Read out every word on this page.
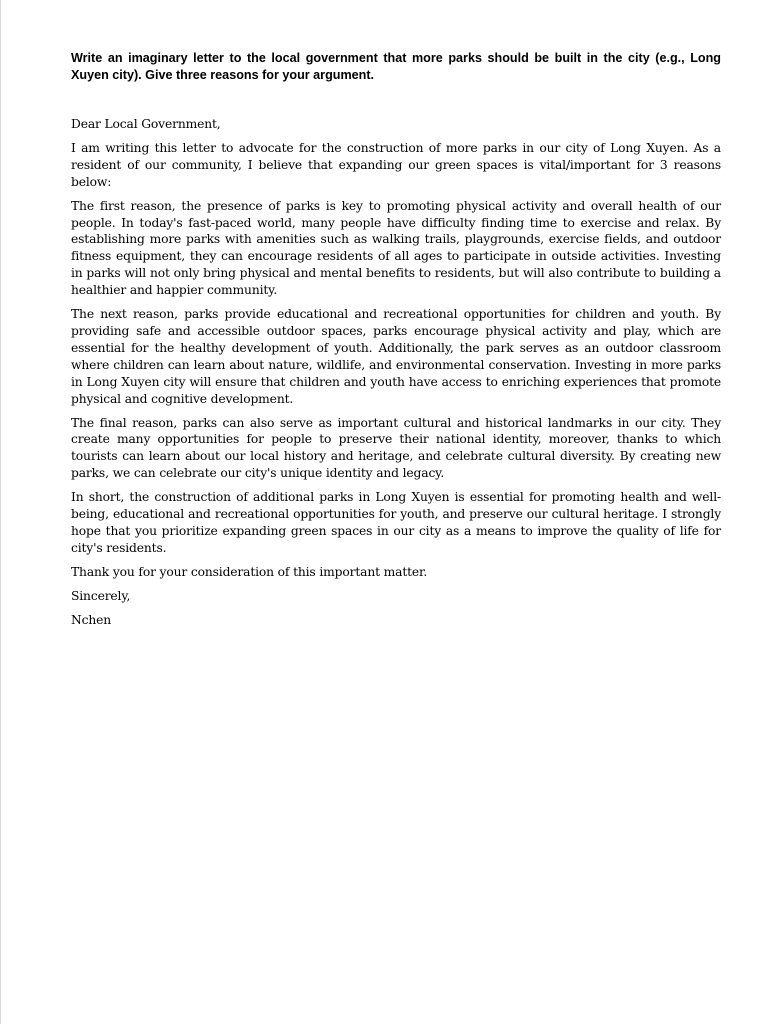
Write an imaginary letter to the local government that more parks should be built in the city (e.g., Long Xuyen city). Give three reasons for your argument.

Dear Local Government,

I am writing this letter to advocate for the construction of more parks in our city of Long Xuyen. As a resident of our community, I believe that expanding our green spaces is vital/important for 3 reasons below:

The first reason, the presence of parks is key to promoting physical activity and overall health of our people. In today's fast-paced world, many people have difficulty finding time to exercise and relax. By establishing more parks with amenities such as walking trails, playgrounds, exercise fields, and outdoor fitness equipment, they can encourage residents of all ages to participate in outside activities. Investing in parks will not only bring physical and mental benefits to residents, but will also contribute to building a healthier and happier community.

The next reason, parks provide educational and recreational opportunities for children and youth. By providing safe and accessible outdoor spaces, parks encourage physical activity and play, which are essential for the healthy development of youth. Additionally, the park serves as an outdoor classroom where children can learn about nature, wildlife, and environmental conservation. Investing in more parks in Long Xuyen city will ensure that children and youth have access to enriching experiences that promote physical and cognitive development.

The final reason, parks can also serve as important cultural and historical landmarks in our city. They create many opportunities for people to preserve their national identity, moreover, thanks to which tourists can learn about our local history and heritage, and celebrate cultural diversity. By creating new parks, we can celebrate our city's unique identity and legacy.

In short, the construction of additional parks in Long Xuyen is essential for promoting health and well-being, educational and recreational opportunities for youth, and preserve our cultural heritage. I strongly hope that you prioritize expanding green spaces in our city as a means to improve the quality of life for city's residents.

Thank you for your consideration of this important matter.

Sincerely,

Nchen
